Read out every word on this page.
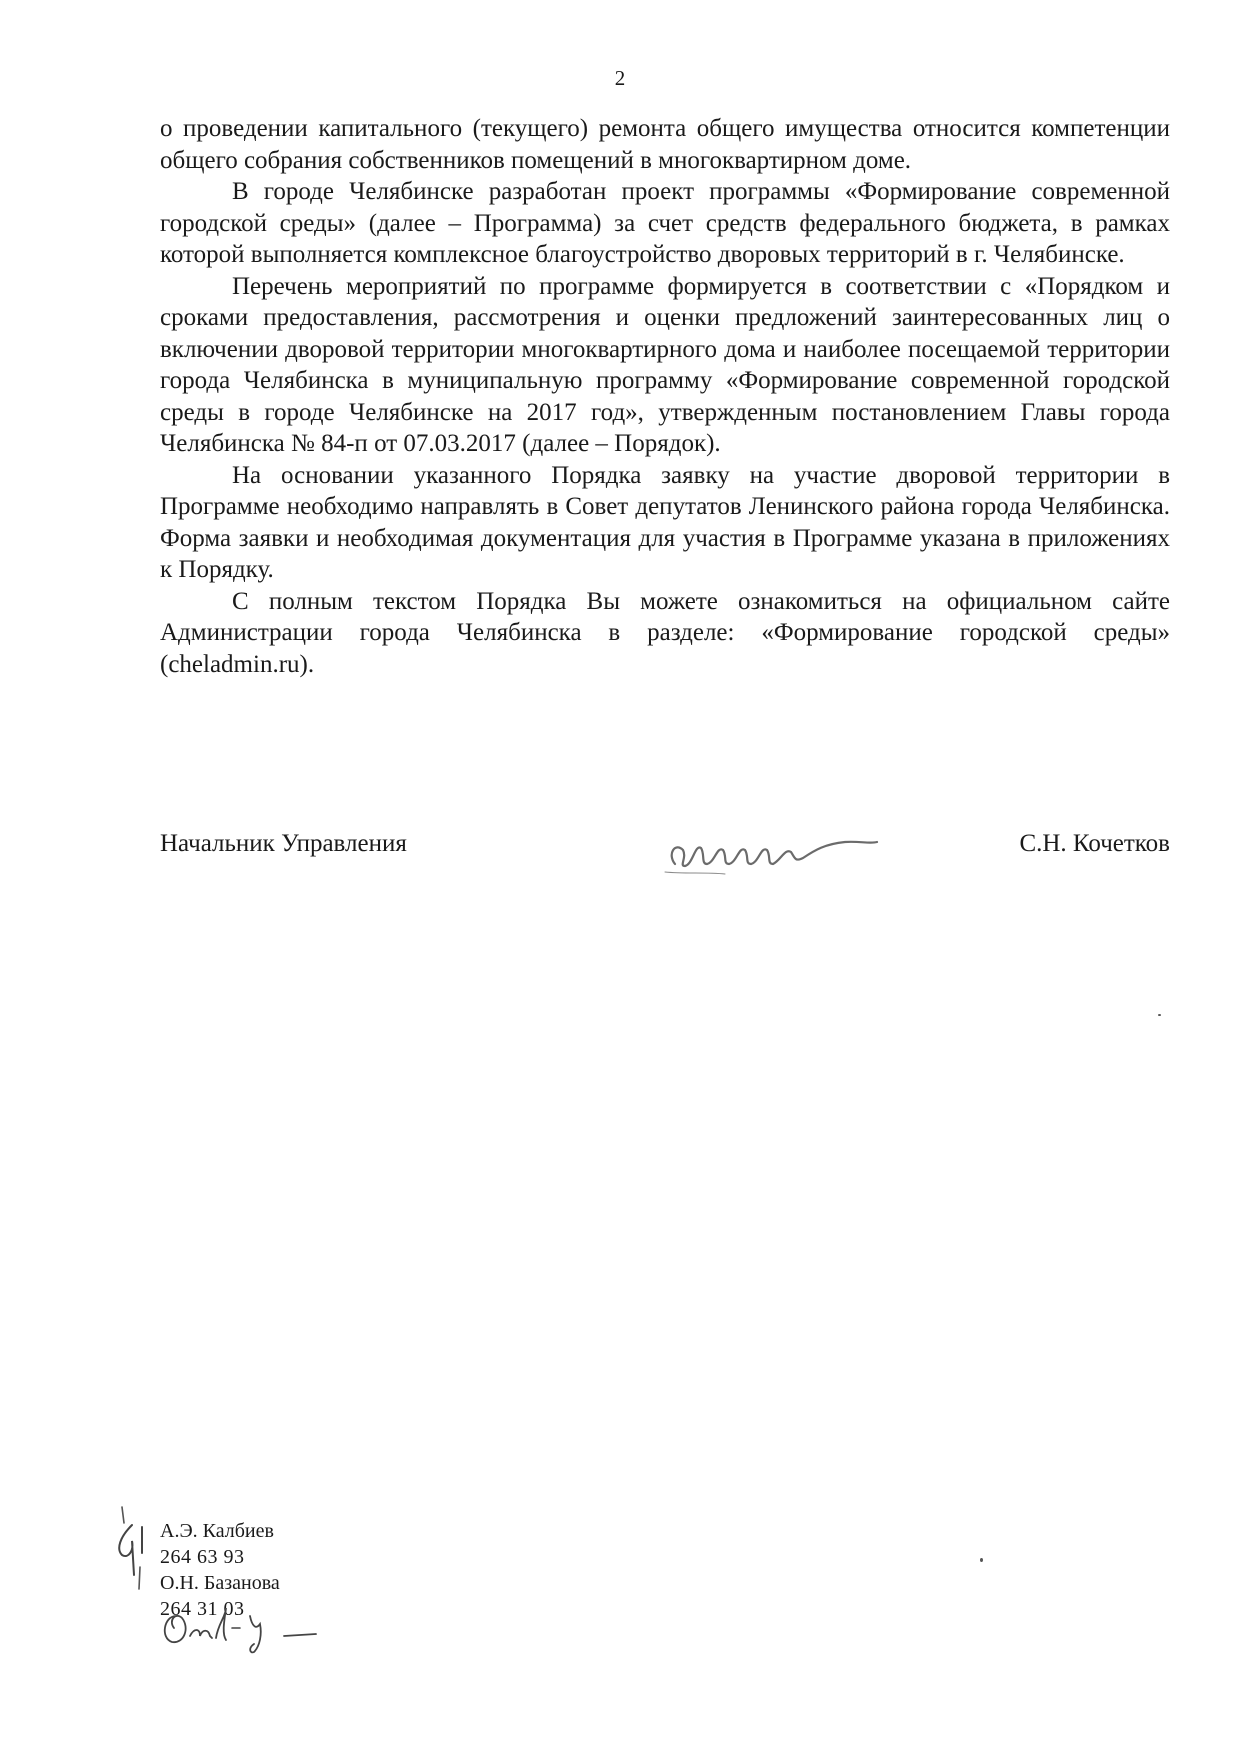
2

о проведении капитального (текущего) ремонта общего имущества относится компетенции общего собрания собственников помещений в многоквартирном доме.

В городе Челябинске разработан проект программы «Формирование современной городской среды» (далее – Программа) за счет средств федерального бюджета, в рамках которой выполняется комплексное благоустройство дворовых территорий в г. Челябинске.

Перечень мероприятий по программе формируется в соответствии с «Порядком и сроками предоставления, рассмотрения и оценки предложений заинтересованных лиц о включении дворовой территории многоквартирного дома и наиболее посещаемой территории города Челябинска в муниципальную программу «Формирование современной городской среды в городе Челябинске на 2017 год», утвержденным постановлением Главы города Челябинска № 84-п от 07.03.2017 (далее – Порядок).

На основании указанного Порядка заявку на участие дворовой территории в Программе необходимо направлять в Совет депутатов Ленинского района города Челябинска. Форма заявки и необходимая документация для участия в Программе указана в приложениях к Порядку.

С полным текстом Порядка Вы можете ознакомиться на официальном сайте Администрации города Челябинска в разделе: «Формирование городской среды» (cheladmin.ru).

Начальник Управления	С.Н. Кочетков
А.Э. Калбиев
264 63 93
О.Н. Базанова
264 31 03
